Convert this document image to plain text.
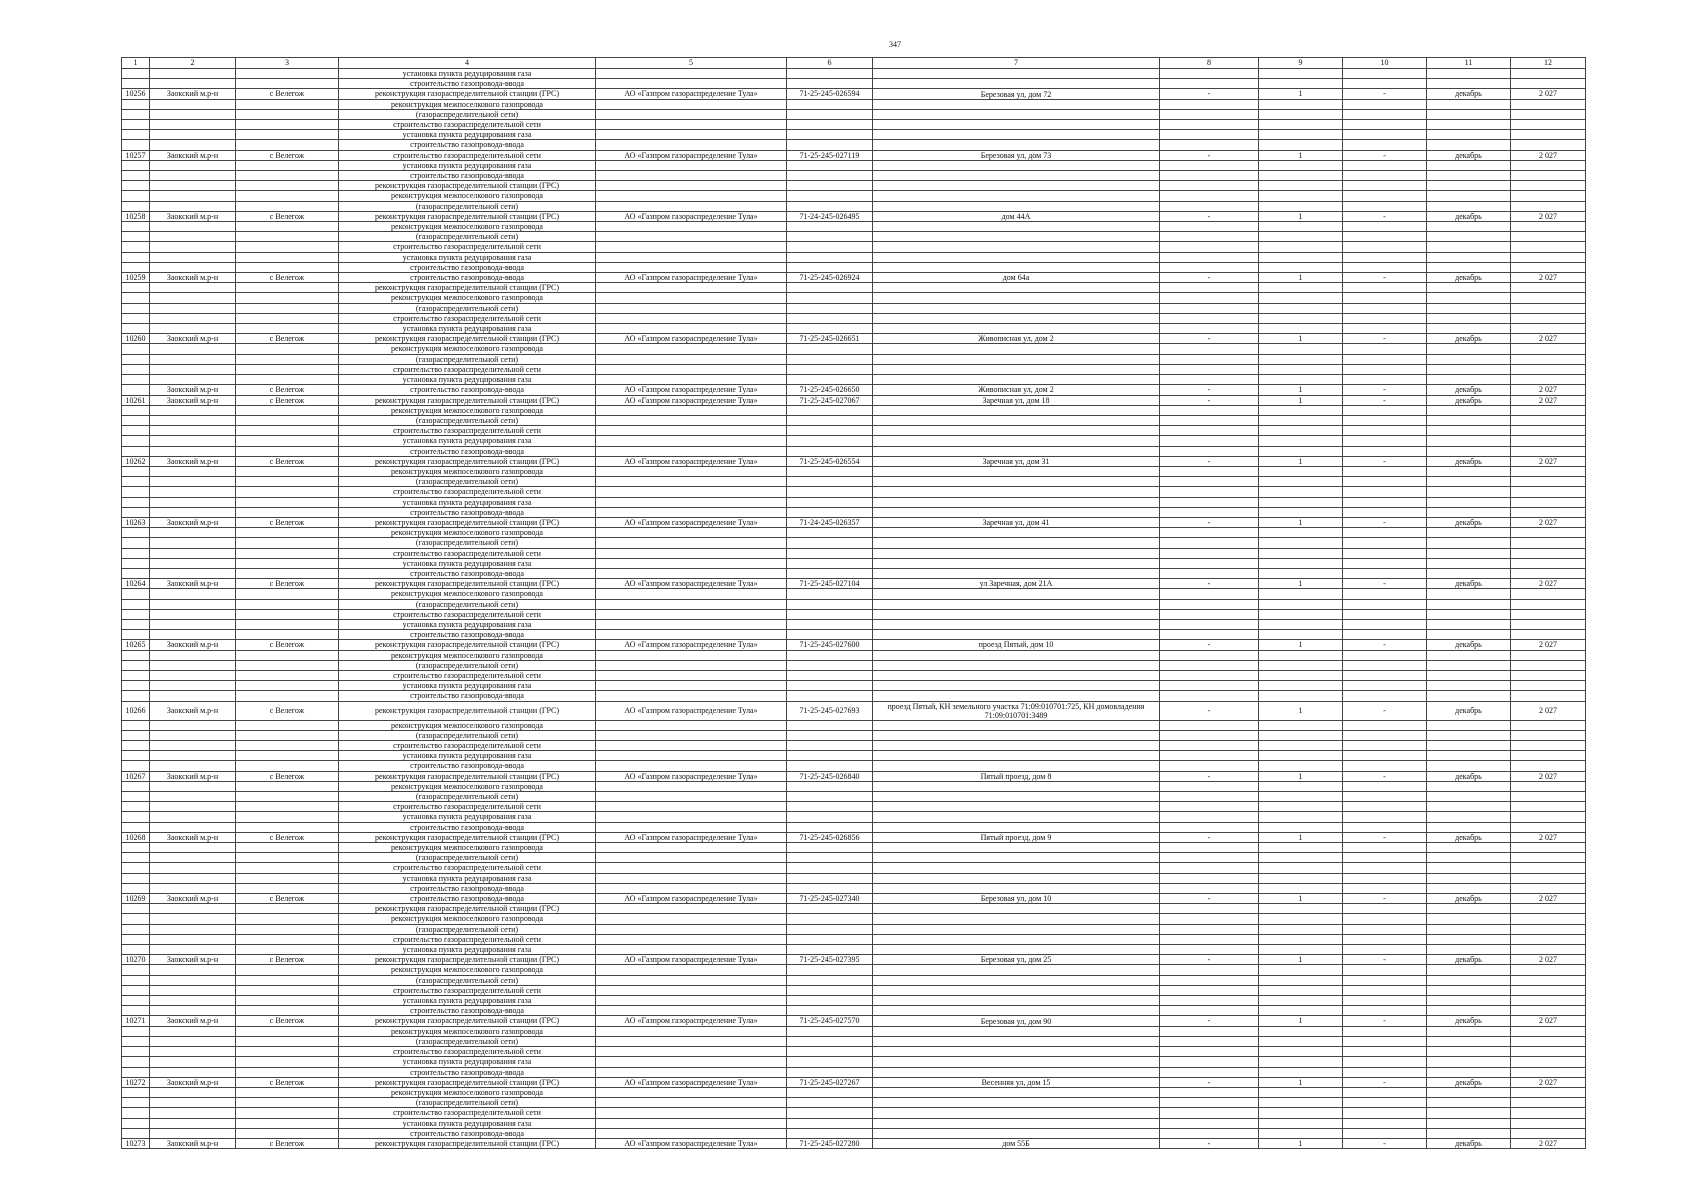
347
1	2	3	4	5	6	7	8	9	10	11	12
			установка пункта редуцирования газа								
			строительство газопровода-ввода								
10256	Заокский м.р-н	с Велегож	реконструкция газораспределительной станции (ГРС)	АО «Газпром газораспределение Тула»	71-25-245-026594	Березовая ул, дом 72	-	1	-	декабрь	2 027
			реконструкция межпоселкового газопровода								
			(газораспределительной сети)								
			строительство газораспределительной сети								
			установка пункта редуцирования газа								
			строительство газопровода-ввода								
10257	Заокский м.р-н	с Велегож	строительство газораспределительной сети	АО «Газпром газораспределение Тула»	71-25-245-027119	Березовая ул, дом 73	-	1	-	декабрь	2 027
			установка пункта редуцирования газа								
			строительство газопровода-ввода								
			реконструкция газораспределительной станции (ГРС)								
			реконструкция межпоселкового газопровода								
			(газораспределительной сети)								
10258	Заокский м.р-н	с Велегож	реконструкция газораспределительной станции (ГРС)	АО «Газпром газораспределение Тула»	71-24-245-026495	дом 44А	-	1	-	декабрь	2 027
			реконструкция межпоселкового газопровода								
			(газораспределительной сети)								
			строительство газораспределительной сети								
			установка пункта редуцирования газа								
			строительство газопровода-ввода								
10259	Заокский м.р-н	с Велегож	строительство газопровода-ввода	АО «Газпром газораспределение Тула»	71-25-245-026924	дом 64а	-	1	-	декабрь	2 027
			реконструкция газораспределительной станции (ГРС)								
			реконструкция межпоселкового газопровода								
			(газораспределительной сети)								
			строительство газораспределительной сети								
			установка пункта редуцирования газа								
10260	Заокский м.р-н	с Велегож	реконструкция газораспределительной станции (ГРС)	АО «Газпром газораспределение Тула»	71-25-245-026651	Живописная ул, дом 2	-	1	-	декабрь	2 027
			реконструкция межпоселкового газопровода								
			(газораспределительной сети)								
			строительство газораспределительной сети								
			установка пункта редуцирования газа								
	Заокский м.р-н	с Велегож	строительство газопровода-ввода	АО «Газпром газораспределение Тула»	71-25-245-026650	Живописная ул, дом 2	-	1	-	декабрь	2 027
10261	Заокский м.р-н	с Велегож	реконструкция газораспределительной станции (ГРС)	АО «Газпром газораспределение Тула»	71-25-245-027067	Заречная ул, дом 18	-	1	-	декабрь	2 027
			реконструкция межпоселкового газопровода								
			(газораспределительной сети)								
			строительство газораспределительной сети								
			установка пункта редуцирования газа								
			строительство газопровода-ввода								
10262	Заокский м.р-н	с Велегож	реконструкция газораспределительной станции (ГРС)	АО «Газпром газораспределение Тула»	71-25-245-026554	Заречная ул, дом 31	-	1	-	декабрь	2 027
			реконструкция межпоселкового газопровода								
			(газораспределительной сети)								
			строительство газораспределительной сети								
			установка пункта редуцирования газа								
			строительство газопровода-ввода								
10263	Заокский м.р-н	с Велегож	реконструкция газораспределительной станции (ГРС)	АО «Газпром газораспределение Тула»	71-24-245-026357	Заречная ул, дом 41	-	1	-	декабрь	2 027
			реконструкция межпоселкового газопровода								
			(газораспределительной сети)								
			строительство газораспределительной сети								
			установка пункта редуцирования газа								
			строительство газопровода-ввода								
10264	Заокский м.р-н	с Велегож	реконструкция газораспределительной станции (ГРС)	АО «Газпром газораспределение Тула»	71-25-245-027104	ул Заречная, дом 21А	-	1	-	декабрь	2 027
			реконструкция межпоселкового газопровода								
			(газораспределительной сети)								
			строительство газораспределительной сети								
			установка пункта редуцирования газа								
			строительство газопровода-ввода								
10265	Заокский м.р-н	с Велегож	реконструкция газораспределительной станции (ГРС)	АО «Газпром газораспределение Тула»	71-25-245-027600	проезд Пятый, дом 10	-	1	-	декабрь	2 027
			реконструкция межпоселкового газопровода								
			(газораспределительной сети)								
			строительство газораспределительной сети								
			установка пункта редуцирования газа								
			строительство газопровода-ввода								
10266	Заокский м.р-н	с Велегож	реконструкция газораспределительной станции (ГРС)	АО «Газпром газораспределение Тула»	71-25-245-027693	проезд Пятый, КН земельного участка 71:09:010701:725, КН домовладения 71:09:010701:3489	-	1	-	декабрь	2 027
			реконструкция межпоселкового газопровода								
			(газораспределительной сети)								
			строительство газораспределительной сети								
			установка пункта редуцирования газа								
			строительство газопровода-ввода								
10267	Заокский м.р-н	с Велегож	реконструкция газораспределительной станции (ГРС)	АО «Газпром газораспределение Тула»	71-25-245-026840	Пятый проезд, дом 8	-	1	-	декабрь	2 027
			реконструкция межпоселкового газопровода								
			(газораспределительной сети)								
			строительство газораспределительной сети								
			установка пункта редуцирования газа								
			строительство газопровода-ввода								
10268	Заокский м.р-н	с Велегож	реконструкция газораспределительной станции (ГРС)	АО «Газпром газораспределение Тула»	71-25-245-026856	Пятый проезд, дом 9	-	1	-	декабрь	2 027
			реконструкция межпоселкового газопровода								
			(газораспределительной сети)								
			строительство газораспределительной сети								
			установка пункта редуцирования газа								
			строительство газопровода-ввода								
10269	Заокский м.р-н	с Велегож	строительство газопровода-ввода	АО «Газпром газораспределение Тула»	71-25-245-027340	Березовая ул, дом 10	-	1	-	декабрь	2 027
			реконструкция газораспределительной станции (ГРС)								
			реконструкция межпоселкового газопровода								
			(газораспределительной сети)								
			строительство газораспределительной сети								
			установка пункта редуцирования газа								
10270	Заокский м.р-н	с Велегож	реконструкция газораспределительной станции (ГРС)	АО «Газпром газораспределение Тула»	71-25-245-027395	Березовая ул, дом 25	-	1	-	декабрь	2 027
			реконструкция межпоселкового газопровода								
			(газораспределительной сети)								
			строительство газораспределительной сети								
			установка пункта редуцирования газа								
			строительство газопровода-ввода								
10271	Заокский м.р-н	с Велегож	реконструкция газораспределительной станции (ГРС)	АО «Газпром газораспределение Тула»	71-25-245-027570	Березовая ул, дом 90	-	1	-	декабрь	2 027
			реконструкция межпоселкового газопровода								
			(газораспределительной сети)								
			строительство газораспределительной сети								
			установка пункта редуцирования газа								
			строительство газопровода-ввода								
10272	Заокский м.р-н	с Велегож	реконструкция газораспределительной станции (ГРС)	АО «Газпром газораспределение Тула»	71-25-245-027267	Весенняя ул, дом 15	-	1	-	декабрь	2 027
			реконструкция межпоселкового газопровода								
			(газораспределительной сети)								
			строительство газораспределительной сети								
			установка пункта редуцирования газа								
			строительство газопровода-ввода								
10273	Заокский м.р-н	с Велегож	реконструкция газораспределительной станции (ГРС)	АО «Газпром газораспределение Тула»	71-25-245-027280	дом 55Б	-	1	-	декабрь	2 027
